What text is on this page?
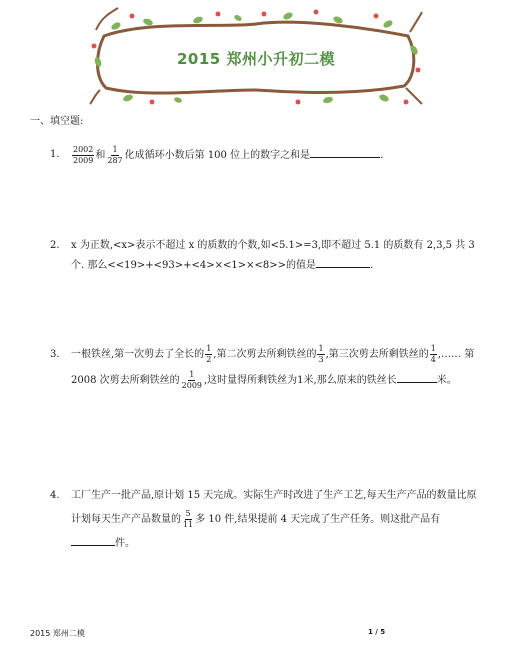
2015 郑州小升初二模
一、填空题:
1. $\frac{2002}{2009}$ 和 $\frac{1}{287}$ 化成循环小数后第 100 位上的数字之和是	.
2. x 为正数,<x>表示不超过 x 的质数的个数,如<5.1>=3,即不超过 5.1 的质数有 2,3,5 共 3 个. 那么<<19>+<93>+<4>×<1>×<8>>的值是	.
3. 一根铁丝,第一次剪去了全长的 $\frac{1}{2}$ ,第二次剪去所剩铁丝的 $\frac{1}{3}$ ,第三次剪去所剩铁丝的 $\frac{1}{4}$ ,…… 第 2008 次剪去所剩铁丝的 $\frac{1}{2009}$ ,这时量得所剩铁丝为1米,那么原来的铁丝长	米。
4. 工厂生产一批产品,原计划 15 天完成。实际生产时改进了生产工艺,每天生产产品的数量比原计划每天生产产品数量的 $\frac{5}{11}$ 多 10 件,结果提前 4 天完成了生产任务。则这批产品有件。
2015 郑州二模	1 / 5
